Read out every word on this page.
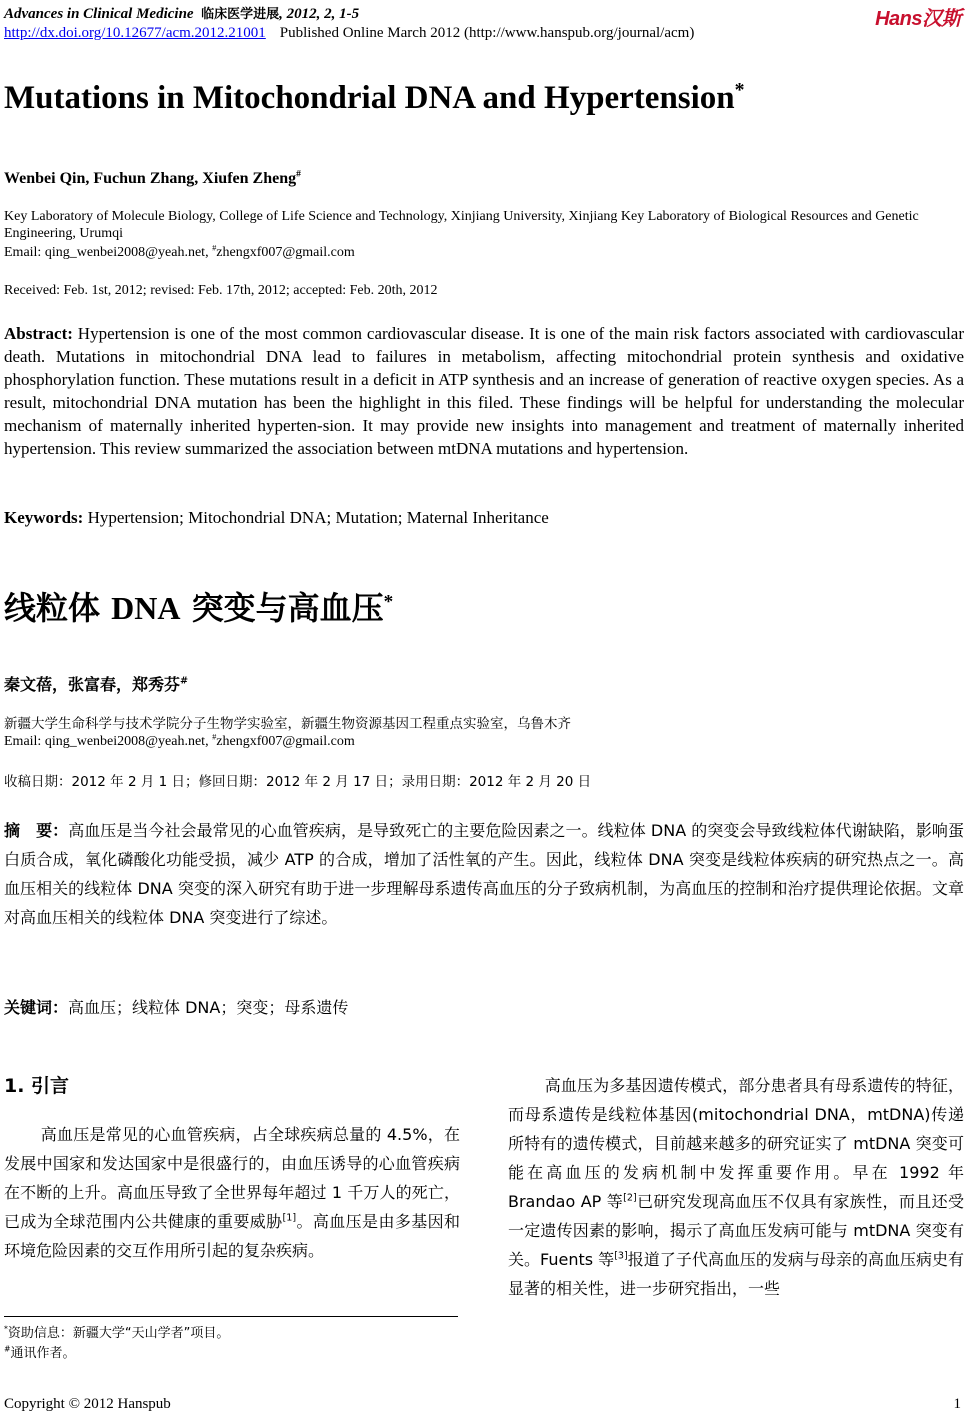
Advances in Clinical Medicine 临床医学进展, 2012, 2, 1-5	Hans汉斯
http://dx.doi.org/10.12677/acm.2012.21001 Published Online March 2012 (http://www.hanspub.org/journal/acm)
Mutations in Mitochondrial DNA and Hypertension*
Wenbei Qin, Fuchun Zhang, Xiufen Zheng#
Key Laboratory of Molecule Biology, College of Life Science and Technology, Xinjiang University, Xinjiang Key Laboratory of Biological Resources and Genetic Engineering, Urumqi
Email: qing_wenbei2008@yeah.net, #zhengxf007@gmail.com
Received: Feb. 1st, 2012; revised: Feb. 17th, 2012; accepted: Feb. 20th, 2012
Abstract: Hypertension is one of the most common cardiovascular disease. It is one of the main risk factors associated with cardiovascular death. Mutations in mitochondrial DNA lead to failures in metabolism, affecting mitochondrial protein synthesis and oxidative phosphorylation function. These mutations result in a deficit in ATP synthesis and an increase of generation of reactive oxygen species. As a result, mitochondrial DNA mutation has been the highlight in this filed. These findings will be helpful for understanding the molecular mechanism of maternally inherited hyperten-sion. It may provide new insights into management and treatment of maternally inherited hypertension. This review summarized the association between mtDNA mutations and hypertension.
Keywords: Hypertension; Mitochondrial DNA; Mutation; Maternal Inheritance
线粒体 DNA 突变与高血压*
秦文蓓，张富春，郑秀芬#
新疆大学生命科学与技术学院分子生物学实验室，新疆生物资源基因工程重点实验室，乌鲁木齐
Email: qing_wenbei2008@yeah.net, #zhengxf007@gmail.com
收稿日期：2012 年 2 月 1 日；修回日期：2012 年 2 月 17 日；录用日期：2012 年 2 月 20 日
摘　要：高血压是当今社会最常见的心血管疾病，是导致死亡的主要危险因素之一。线粒体 DNA 的突变会导致线粒体代谢缺陷，影响蛋白质合成，氧化磷酸化功能受损，减少 ATP 的合成，增加了活性氧的产生。因此，线粒体 DNA 突变是线粒体疾病的研究热点之一。高血压相关的线粒体 DNA 突变的深入研究有助于进一步理解母系遗传高血压的分子致病机制，为高血压的控制和治疗提供理论依据。文章对高血压相关的线粒体 DNA 突变进行了综述。
关键词：高血压；线粒体 DNA；突变；母系遗传
1. 引言
高血压是常见的心血管疾病，占全球疾病总量的 4.5%，在发展中国家和发达国家中是很盛行的，由血压诱导的心血管疾病在不断的上升。高血压导致了全世界每年超过 1 千万人的死亡，已成为全球范围内公共健康的重要威胁[1]。高血压是由多基因和环境危险因素的交互作用所引起的复杂疾病。
高血压为多基因遗传模式，部分患者具有母系遗传的特征，而母系遗传是线粒体基因(mitochondrial DNA，mtDNA)传递所特有的遗传模式，目前越来越多的研究证实了 mtDNA 突变可能在高血压的发病机制中发挥重要作用。早在 1992 年 Brandao AP 等[2]已研究发现高血压不仅具有家族性，而且还受一定遗传因素的影响，揭示了高血压发病可能与 mtDNA 突变有关。Fuents 等[3]报道了子代高血压的发病与母亲的高血压病史有显著的相关性，进一步研究指出，一些
*资助信息：新疆大学“天山学者”项目。
#通讯作者。
Copyright © 2012 Hanspub	1
